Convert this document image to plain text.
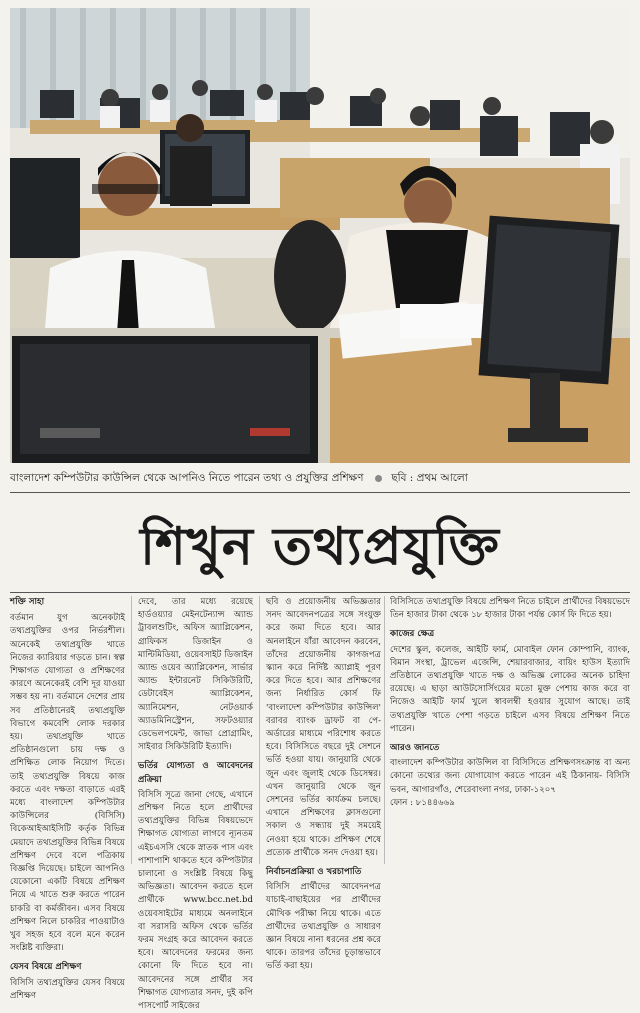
বাংলাদেশ কম্পিউটার কাউন্সিল থেকে আপনিও নিতে পারেন তথ্য ও প্রযুক্তির প্রশিক্ষণ	ছবি : প্রথম আলো
শিখুন তথ্যপ্রযুক্তি

শক্তি সাহা

বর্তমান যুগ অনেকটাই তথ্যপ্রযুক্তির ওপর নির্ভরশীল। অনেকেই তথ্যপ্রযুক্তি খাতে নিজের ক্যারিয়ার গড়তে চান। স্বল্প শিক্ষাগত যোগ্যতা ও প্রশিক্ষণের কারণে অনেকেরই বেশি দূর যাওয়া সম্ভব হয় না। বর্তমানে দেশের প্রায় সব প্রতিষ্ঠানেরই তথ্যপ্রযুক্তি বিভাগে কমবেশি লোক দরকার হয়। তথ্যপ্রযুক্তি খাতে প্রতিষ্ঠানগুলো চায় দক্ষ ও প্রশিক্ষিত লোক নিয়োগ দিতে। তাই তথ্যপ্রযুক্তি বিষয়ে কাজ করতে এবং দক্ষতা বাড়াতে এরই মধ্যে বাংলাদেশ কম্পিউটার কাউন্সিলের (বিসিসি) বিকেআইআইসিটি কর্তৃক বিভিন্ন মেয়াদে তথ্যপ্রযুক্তির বিভিন্ন বিষয়ে প্রশিক্ষণ দেবে বলে পত্রিকায় বিজ্ঞপ্তি দিয়েছে। চাইলে আপনিও যেকোনো একটি বিষয়ে প্রশিক্ষণ নিয়ে এ খাতে শুরু করতে পারেন চাকরি বা কর্মজীবন। এসব বিষয়ে প্রশিক্ষণ নিলে চাকরির পাওয়াটাও খুব সহজ হবে বলে মনে করেন সংশ্লিষ্ট ব্যক্তিরা।

যেসব বিষয়ে প্রশিক্ষণ

বিসিসি তথ্যপ্রযুক্তির যেসব বিষয়ে প্রশিক্ষণ

দেবে, তার মধ্যে রয়েছে হার্ডওয়্যার মেইনটেন্যান্স অ্যান্ড ট্রাবলশুটিং, অফিস অ্যাপ্লিকেশন, গ্রাফিকস ডিজাইন ও মাল্টিমিডিয়া, ওয়েবসাইট ডিজাইন অ্যান্ড ওয়েব অ্যাপ্লিকেশন, সার্ভার অ্যান্ড ইন্টারনেট সিকিউরিটি, ডেটাবেইস অ্যাপ্লিকেশন, অ্যানিমেশন, নেটওয়ার্ক অ্যাডমিনিস্ট্রেশন, সফটওয়্যার ডেভেলপমেন্ট, জাভা প্রোগ্রামিং, সাইবার সিকিউরিটি ইত্যাদি।

ভর্তির যোগ্যতা ও আবেদনের প্রক্রিয়া

বিসিসি সূত্রে জানা গেছে, এখানে প্রশিক্ষণ নিতে হলে প্রার্থীদের তথ্যপ্রযুক্তির বিভিন্ন বিষয়ভেদে শিক্ষাগত যোগ্যতা লাগবে ন্যূনতম এইচএসসি থেকে স্নাতক পাস এবং পাশাপাশি থাকতে হবে কম্পিউটার চালানো ও সংশ্লিষ্ট বিষয়ে কিছু অভিজ্ঞতা। আবেদন করতে হলে প্রার্থীকে www.bcc.net.bd ওয়েবসাইটের মাধ্যমে অনলাইনে বা সরাসরি অফিস থেকে ভর্তির ফরম সংগ্রহ করে আবেদন করতে হবে। আবেদনের ফরমের জন্য কোনো ফি দিতে হবে না। আবেদনের সঙ্গে প্রার্থীর সব শিক্ষাগত যোগ্যতার সনদ, দুই কপি পাসপোর্ট সাইজের

ছবি ও প্রয়োজনীয় অভিজ্ঞতার সনদ আবেদনপত্রের সঙ্গে সংযুক্ত করে জমা দিতে হবে। আর অনলাইনে যাঁরা আবেদন করবেন, তাঁদের প্রয়োজনীয় কাগজপত্র স্ক্যান করে নির্দিষ্ট অ্যাপ্লাই পূরণ করে দিতে হবে। আর প্রশিক্ষণের জন্য নির্ধারিত কোর্স ফি 'বাংলাদেশ কম্পিউটার কাউন্সিল' বরাবর ব্যাংক ড্রাফট বা পে-অর্ডারের মাধ্যমে পরিশোধ করতে হবে। বিসিসিতে বছরে দুই সেশনে ভর্তি হওয়া যায়। জানুয়ারি থেকে জুন এবং জুলাই থেকে ডিসেম্বর। এখন জানুয়ারি থেকে জুন সেশনের ভর্তির কার্যক্রম চলছে। এখানে প্রশিক্ষণের ক্লাসগুলো সকাল ও সন্ধ্যায় দুই সময়েই নেওয়া হয়ে থাকে। প্রশিক্ষণ শেষে প্রত্যেক প্রার্থীকে সনদ দেওয়া হয়।

নির্বাচনপ্রক্রিয়া ও খরচাপাতি

বিসিসি প্রার্থীদের আবেদনপত্র যাচাই-বাছাইয়ের পর প্রার্থীদের মৌখিক পরীক্ষা নিয়ে থাকে। এতে প্রার্থীদের তথ্যপ্রযুক্তি ও সাধারণ জ্ঞান বিষয়ে নানা ধরনের প্রশ্ন করে থাকে। তারপর তাঁদের চূড়ান্তভাবে ভর্তি করা হয়।

বিসিসিতে তথ্যপ্রযুক্তি বিষয়ে প্রশিক্ষণ নিতে চাইলে প্রার্থীদের বিষয়ভেদে তিন হাজার টাকা থেকে ১৮ হাজার টাকা পর্যন্ত কোর্স ফি দিতে হয়।

কাজের ক্ষেত্র

দেশের স্কুল, কলেজ, আইটি ফার্ম, মোবাইল ফোন কোম্পানি, ব্যাংক, বিমান সংস্থা, ট্রাভেল এজেন্সি, শেয়ারবাজার, বায়িং হাউস ইত্যাদি প্রতিষ্ঠানে তথ্যপ্রযুক্তি খাতে দক্ষ ও অভিজ্ঞ লোকের অনেক চাহিদা রয়েছে। এ ছাড়া আউটসোর্সিংয়ের মতো মুক্ত পেশায় কাজ করে বা নিজেও আইটি ফার্ম খুলে স্বাবলম্বী হওয়ার সুযোগ আছে। তাই তথ্যপ্রযুক্তি খাতে পেশা গড়তে চাইলে এসব বিষয়ে প্রশিক্ষণ নিতে পারেন।

আরও জানতে

বাংলাদেশ কম্পিউটার কাউন্সিল বা বিসিসিতে প্রশিক্ষণসংক্রান্ত বা অন্য কোনো তথ্যের জন্য যোগাযোগ করতে পারেন এই ঠিকানায়- বিসিসি ভবন, আগারগাঁও, শেরেবাংলা নগর, ঢাকা-১২০৭

ফোন : ৮১৪৪৬৬৯
